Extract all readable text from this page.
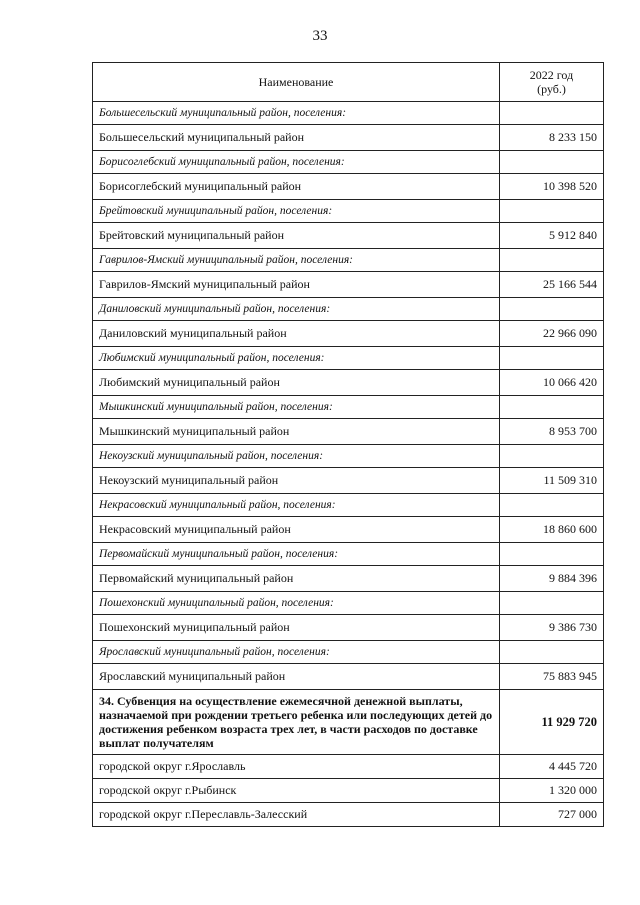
33
Наименование	2022 год
(руб.)
Большесельский муниципальный район, поселения:	
Большесельский муниципальный район	8 233 150
Борисоглебский муниципальный район, поселения:	
Борисоглебский муниципальный район	10 398 520
Брейтовский муниципальный район, поселения:	
Брейтовский муниципальный район	5 912 840
Гаврилов-Ямский муниципальный район, поселения:	
Гаврилов-Ямский муниципальный район	25 166 544
Даниловский муниципальный район, поселения:	
Даниловский муниципальный район	22 966 090
Любимский муниципальный район, поселения:	
Любимский муниципальный район	10 066 420
Мышкинский муниципальный район, поселения:	
Мышкинский муниципальный район	8 953 700
Некоузский муниципальный район, поселения:	
Некоузский муниципальный район	11 509 310
Некрасовский муниципальный район, поселения:	
Некрасовский муниципальный район	18 860 600
Первомайский муниципальный район, поселения:	
Первомайский муниципальный район	9 884 396
Пошехонский муниципальный район, поселения:	
Пошехонский муниципальный район	9 386 730
Ярославский муниципальный район, поселения:	
Ярославский муниципальный район	75 883 945
34. Субвенция на осуществление ежемесячной денежной выплаты, назначаемой при рождении третьего ребенка или последующих детей до достижения ребенком возраста трех лет, в части расходов по доставке выплат получателям	11 929 720
городской округ г.Ярославль	4 445 720
городской округ г.Рыбинск	1 320 000
городской округ г.Переславль-Залесский	727 000
